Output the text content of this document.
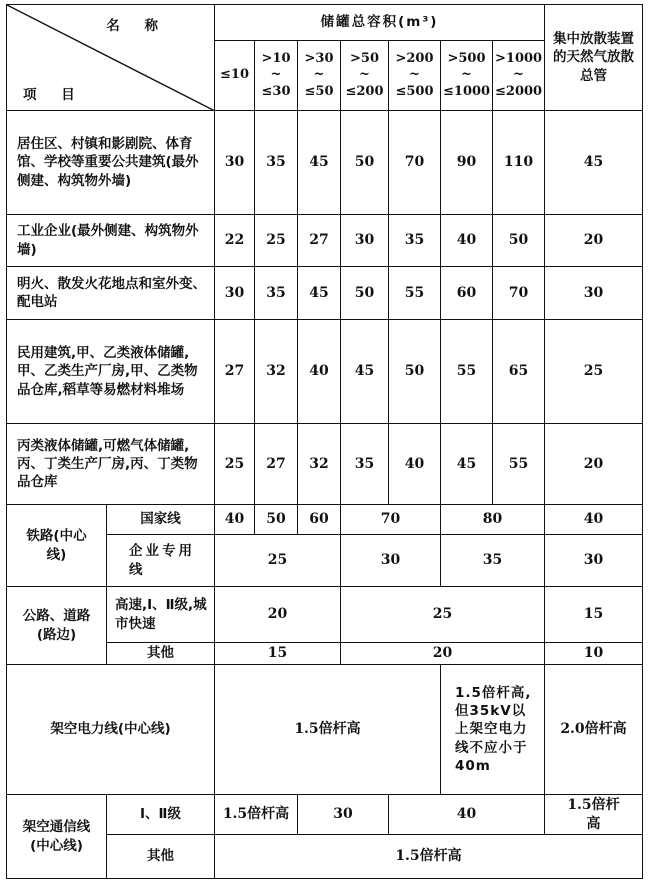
名 称
项 目		储罐总容积(m³)							集中放散装置的天然气放散总管
		≤10	>10 ~ ≤30	>30 ~ ≤50	>50 ~ ≤200	>200 ~ ≤500	>500 ~ ≤1000	>1000 ~ ≤2000	
居住区、村镇和影剧院、体育馆、学校等重要公共建筑(最外侧建、构筑物外墙)		30	35	45	50	70	90	110	45
工业企业(最外侧建、构筑物外墙)		22	25	27	30	35	40	50	20
明火、散发火花地点和室外变、配电站		30	35	45	50	55	60	70	30
民用建筑,甲、乙类液体储罐,甲、乙类生产厂房,甲、乙类物品仓库,稻草等易燃材料堆场		27	32	40	45	50	55	65	25
丙类液体储罐,可燃气体储罐,丙、丁类生产厂房,丙、丁类物品仓库		25	27	32	35	40	45	55	20
铁路(中心线)	国家线	40	50	60	70		80		40
	企业专用线	25			30		35		30
公路、道路(路边)	高速,Ⅰ、Ⅱ级,城市快速	20			25				15
	其他	15			20				10
架空电力线(中心线)		1.5倍杆高					1.5倍杆高,但35kV以上架空电力线不应小于40m		2.0倍杆高
架空通信线(中心线)	Ⅰ、Ⅱ级	1.5倍杆高		30		40			1.5倍杆高
	其他	1.5倍杆高							
